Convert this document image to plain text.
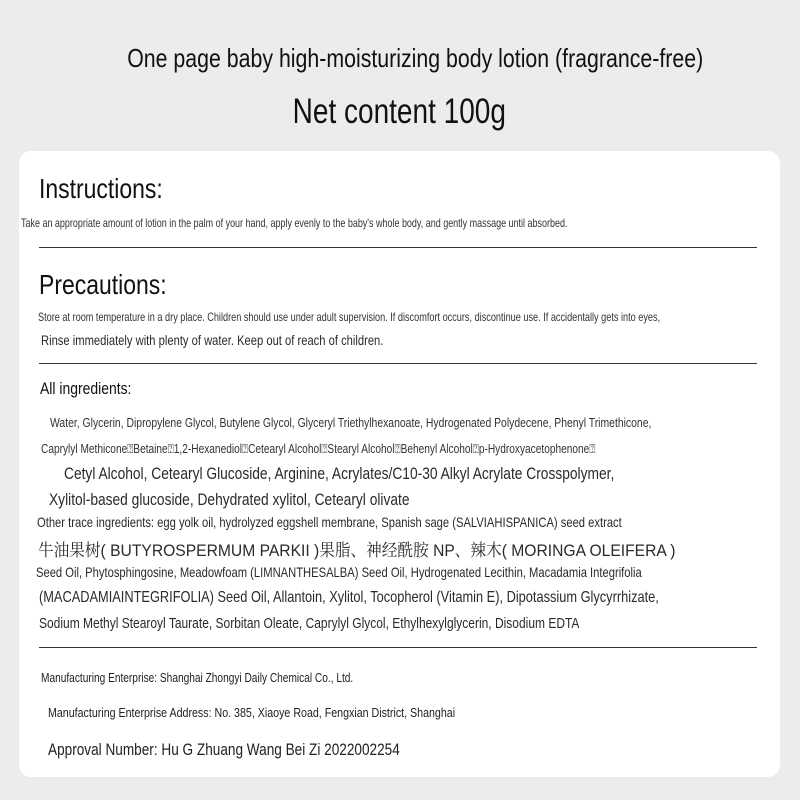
One page baby high-moisturizing body lotion (fragrance-free)
Net content 100g
Instructions:
Take an appropriate amount of lotion in the palm of your hand, apply evenly to the baby's whole body, and gently massage until absorbed.
Precautions:
Store at room temperature in a dry place. Children should use under adult supervision. If discomfort occurs, discontinue use. If accidentally gets into eyes,
Rinse immediately with plenty of water. Keep out of reach of children.
All ingredients:
Water, Glycerin, Dipropylene Glycol, Butylene Glycol, Glyceryl Triethylhexanoate, Hydrogenated Polydecene, Phenyl Trimethicone,
Caprylyl Methicone⍰Betaine⍰1,2-Hexanediol⍰Cetearyl Alcohol⍰Stearyl Alcohol⍰Behenyl Alcohol⍰p-Hydroxyacetophenone⍰
Cetyl Alcohol, Cetearyl Glucoside, Arginine, Acrylates/C10-30 Alkyl Acrylate Crosspolymer,
Xylitol-based glucoside, Dehydrated xylitol, Cetearyl olivate
Other trace ingredients: egg yolk oil, hydrolyzed eggshell membrane, Spanish sage (SALVIAHISPANICA) seed extract
牛油果树( BUTYROSPERMUM PARKII )果脂、神经酰胺 NP、辣木( MORINGA OLEIFERA )
Seed Oil, Phytosphingosine, Meadowfoam (LIMNANTHESALBA) Seed Oil, Hydrogenated Lecithin, Macadamia Integrifolia
(MACADAMIAINTEGRIFOLIA) Seed Oil, Allantoin, Xylitol, Tocopherol (Vitamin E), Dipotassium Glycyrrhizate,
Sodium Methyl Stearoyl Taurate, Sorbitan Oleate, Caprylyl Glycol, Ethylhexylglycerin, Disodium EDTA
Manufacturing Enterprise: Shanghai Zhongyi Daily Chemical Co., Ltd.
Manufacturing Enterprise Address: No. 385, Xiaoye Road, Fengxian District, Shanghai
Approval Number: Hu G Zhuang Wang Bei Zi 2022002254
